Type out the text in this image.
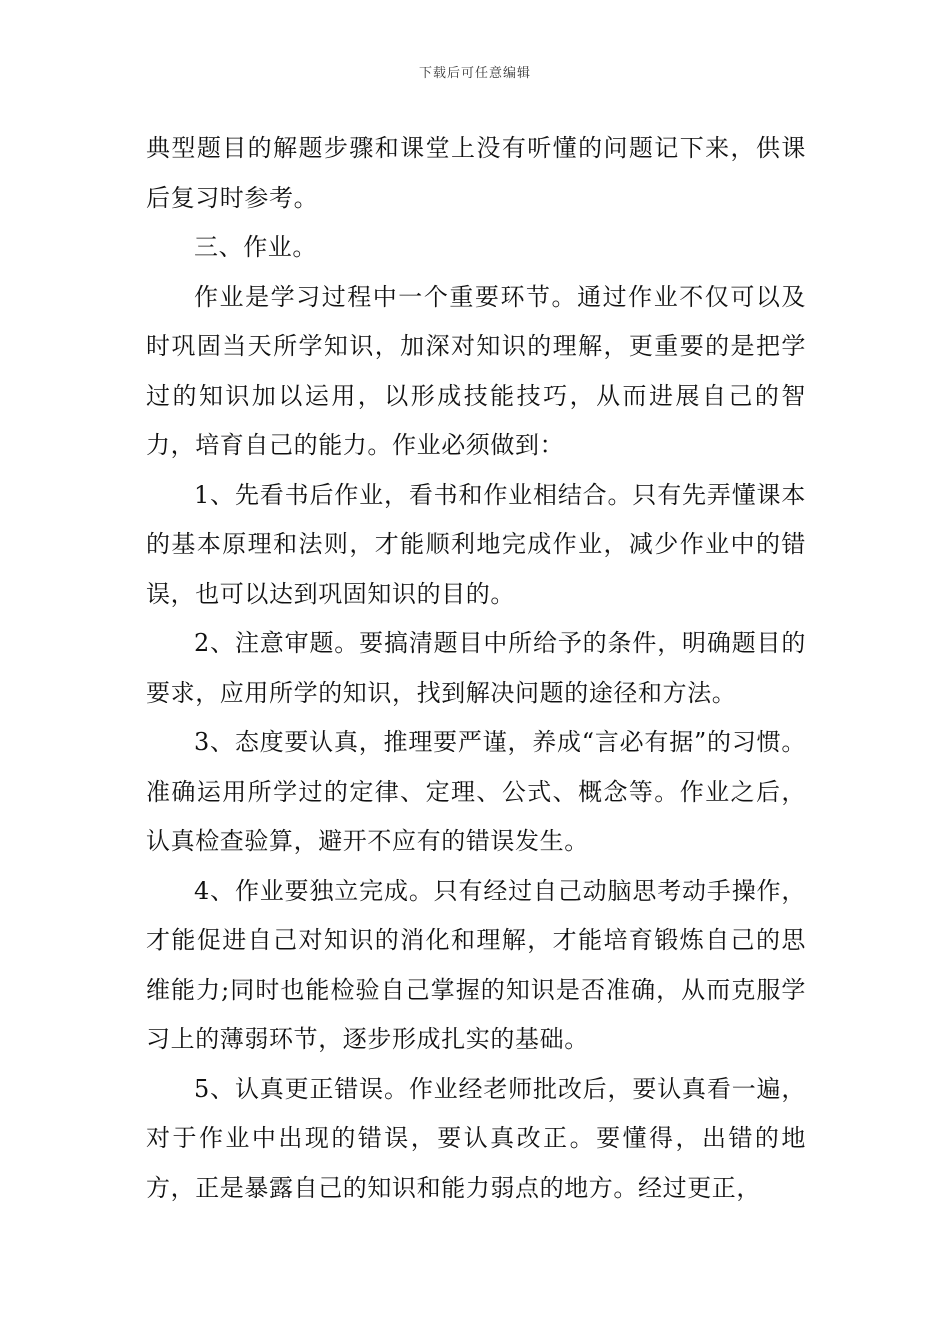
下载后可任意编辑

典型题目的解题步骤和课堂上没有听懂的问题记下来，供课后复习时参考。

三、作业。

作业是学习过程中一个重要环节。通过作业不仅可以及时巩固当天所学知识，加深对知识的理解，更重要的是把学过的知识加以运用，以形成技能技巧，从而进展自己的智力，培育自己的能力。作业必须做到：

1、先看书后作业，看书和作业相结合。只有先弄懂课本的基本原理和法则，才能顺利地完成作业，减少作业中的错误，也可以达到巩固知识的目的。

2、注意审题。要搞清题目中所给予的条件，明确题目的要求，应用所学的知识，找到解决问题的途径和方法。

3、态度要认真，推理要严谨，养成“言必有据”的习惯。准确运用所学过的定律、定理、公式、概念等。作业之后，认真检查验算，避开不应有的错误发生。

4、作业要独立完成。只有经过自己动脑思考动手操作，才能促进自己对知识的消化和理解，才能培育锻炼自己的思维能力;同时也能检验自己掌握的知识是否准确，从而克服学习上的薄弱环节，逐步形成扎实的基础。

5、认真更正错误。作业经老师批改后，要认真看一遍，对于作业中出现的错误，要认真改正。要懂得，出错的地方，正是暴露自己的知识和能力弱点的地方。经过更正，
